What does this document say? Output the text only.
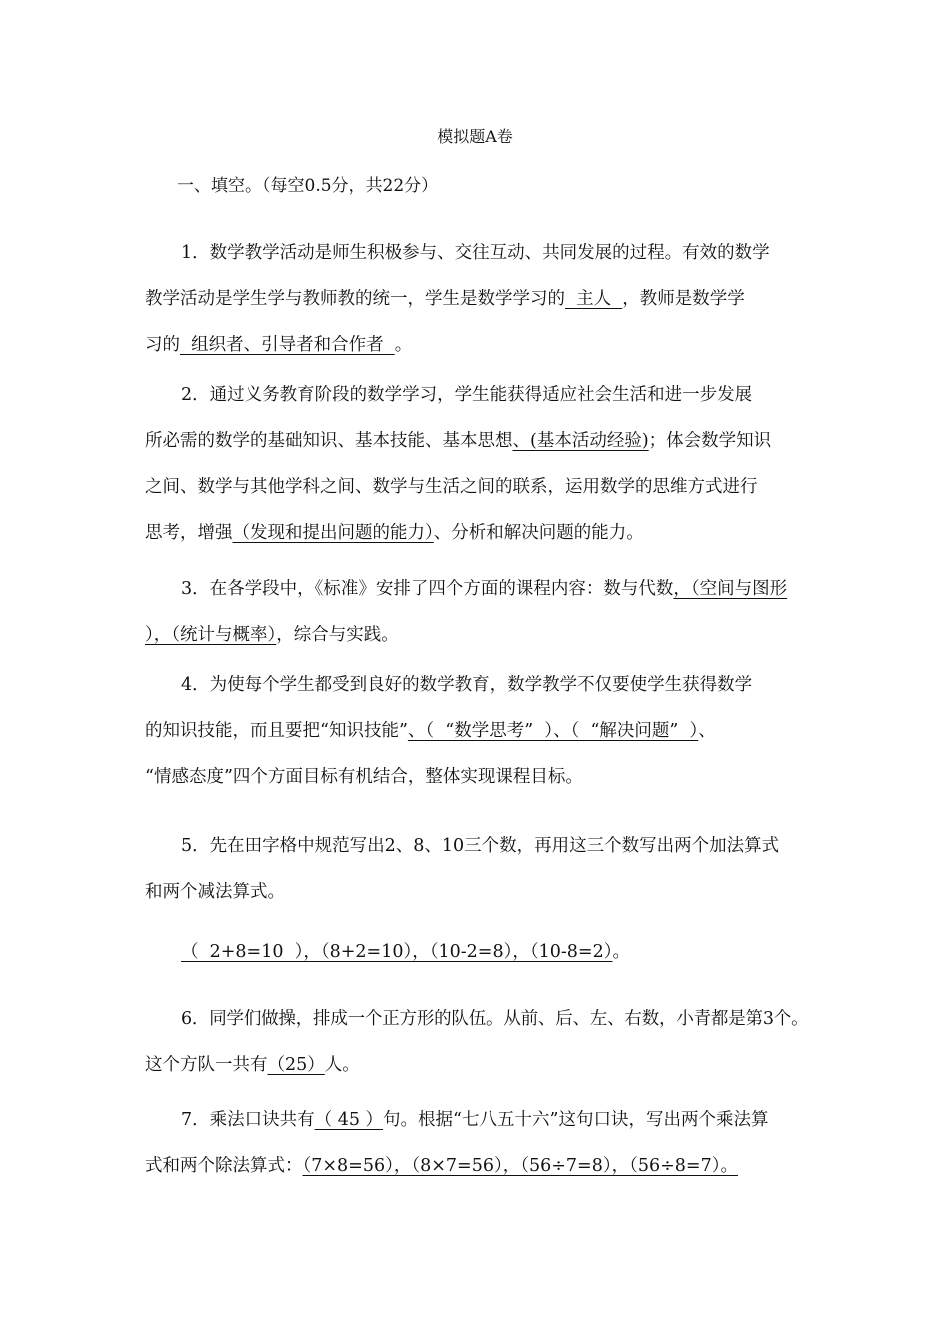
模拟题A卷
一、填空。（每空0.5分，共22分）
1．数学教学活动是师生积极参与、交往互动、共同发展的过程。有效的数学
教学活动是学生学与教师教的统一，学生是数学学习的  主人  ，教师是数学学
习的  组织者、引导者和合作者  。
2．通过义务教育阶段的数学学习，学生能获得适应社会生活和进一步发展
所必需的数学的基础知识、基本技能、基本思想、(基本活动经验)；体会数学知识
之间、数学与其他学科之间、数学与生活之间的联系，运用数学的思维方式进行
思考，增强（发现和提出问题的能力）、分析和解决问题的能力。
3．在各学段中，《标准》安排了四个方面的课程内容：数与代数，（空间与图形
），（统计与概率），综合与实践。
4．为使每个学生都受到良好的数学教育，数学教学不仅要使学生获得数学
的知识技能，而且要把“知识技能”、（  “数学思考”  ）、（  “解决问题”  ）、
“情感态度”四个方面目标有机结合，整体实现课程目标。
5．先在田字格中规范写出2、8、10三个数，再用这三个数写出两个加法算式
和两个减法算式。
（  2+8=10  ），（8+2=10），（10-2=8），（10-8=2）。
6．同学们做操，排成一个正方形的队伍。从前、后、左、右数，小青都是第3个。
这个方队一共有（25）人。
7．乘法口诀共有（ 45 ）句。根据“七八五十六”这句口诀，写出两个乘法算
式和两个除法算式：（7×8=56），（8×7=56），（56÷7=8），（56÷8=7）。
